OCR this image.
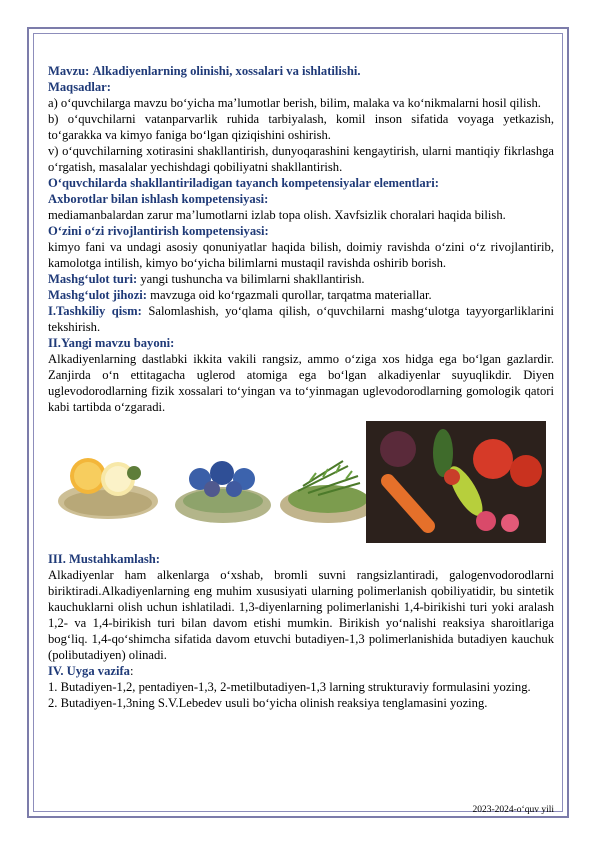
Mavzu: Alkadiyenlarning olinishi, xossalari va ishlatilishi.

Maqsadlar:

a) o‘quvchilarga mavzu bo‘yicha ma’lumotlar berish, bilim, malaka va ko‘nikmalarni hosil qilish.

b) o‘quvchilarni vatanparvarlik ruhida tarbiyalash, komil inson sifatida voyaga yetkazish, to‘garakka va kimyo faniga bo‘lgan qiziqishini oshirish.

v) o‘quvchilarning xotirasini shakllantirish, dunyoqarashini kengaytirish, ularni mantiqiy fikrlashga o‘rgatish, masalalar yechishdagi qobiliyatni shakllantirish.

O‘quvchilarda shakllantiriladigan tayanch kompetensiyalar elementlari:

Axborotlar bilan ishlash kompetensiyasi:

mediamanbalardan zarur ma’lumotlarni izlab topa olish. Xavfsizlik choralari haqida bilish.

O‘zini o‘zi rivojlantirish kompetensiyasi:

kimyo fani va undagi asosiy qonuniyatlar haqida bilish, doimiy ravishda o‘zini o‘z rivojlantirib, kamolotga intilish, kimyo bo‘yicha bilimlarni mustaqil ravishda oshirib borish.

Mashg‘ulot turi: yangi tushuncha va bilimlarni shakllantirish.

Mashg‘ulot jihozi: mavzuga oid ko‘rgazmali qurollar, tarqatma materiallar.

I.Tashkiliy qism: Salomlashish, yo‘qlama qilish, o‘quvchilarni mashg‘ulotga tayyorgarliklarini tekshirish.

II.Yangi mavzu bayoni:

Alkadiyenlarning dastlabki ikkita vakili rangsiz, ammo o‘ziga xos hidga ega bo‘lgan gazlardir. Zanjirda o‘n ettitagacha uglerod atomiga ega bo‘lgan alkadiyenlar suyuqlikdir. Diyen uglevodorodlarning fizik xossalari to‘yingan va to‘yinmagan uglevodorodlarning gomologik qatori kabi tartibda o‘zgaradi.

III. Mustahkamlash:

Alkadiyenlar ham alkenlarga o‘xshab, bromli suvni rangsizlantiradi, galogenvodorodlarni biriktiradi.Alkadiyenlarning eng muhim xususiyati ularning polimerlanish qobiliyatidir, bu sintetik kauchuklarni olish uchun ishlatiladi. 1,3-diyenlarning polimerlanishi 1,4-birikishi turi yoki aralash 1,2- va 1,4-birikish turi bilan davom etishi mumkin. Birikish yo‘nalishi reaksiya sharoitlariga bog‘liq. 1,4-qo‘shimcha sifatida davom etuvchi butadiyen-1,3 polimerlanishida butadiyen kauchuk (polibutadiyen) olinadi.

IV. Uyga vazifa:

1. Butadiyen-1,2, pentadiyen-1,3, 2-metilbutadiyen-1,3 larning strukturaviy formulasini yozing.

2. Butadiyen-1,3ning S.V.Lebedev usuli bo‘yicha olinish reaksiya tenglamasini yozing.

2023-2024-o‘quv yili
